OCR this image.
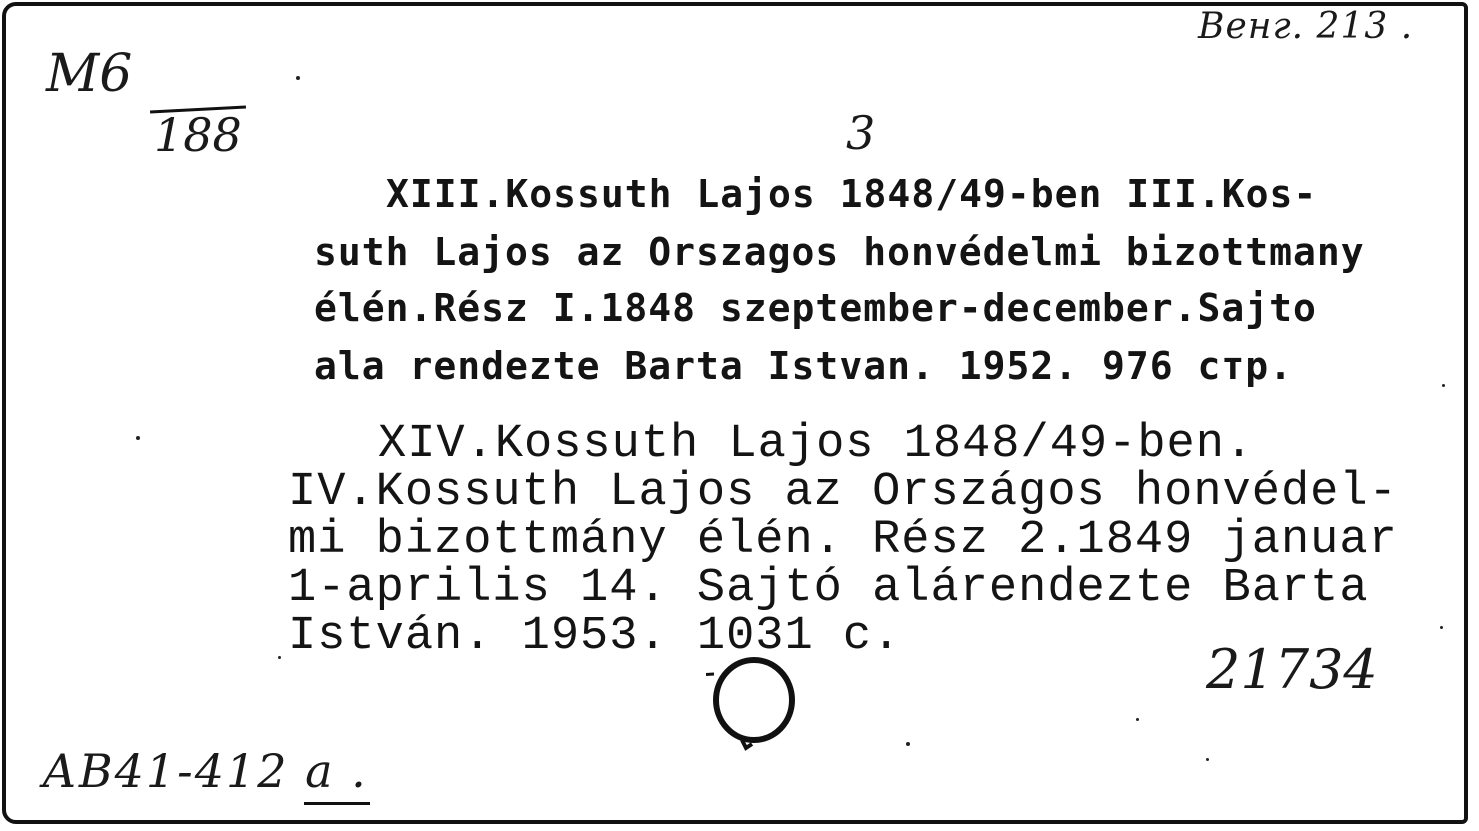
Венг. 213 .
М6
188	3
XIII.Kossuth Lajos 1848/49-ben III.Kos-
suth Lajos az Orszagos honvédelmi bizottmany
élén.Rész I.1848 szeptember-december.Sajto
ala rendezte Barta Istvan. 1952. 976 стр.
XIV.Kossuth Lajos 1848/49-ben.
IV.Kossuth Lajos az Országos honvédel-
mi bizottmány élén. Rész 2.1849 januar
1-aprilis 14. Sajtó alárendezte Barta
István. 1953. 1031 c.
21734
АВ41-412 а .
